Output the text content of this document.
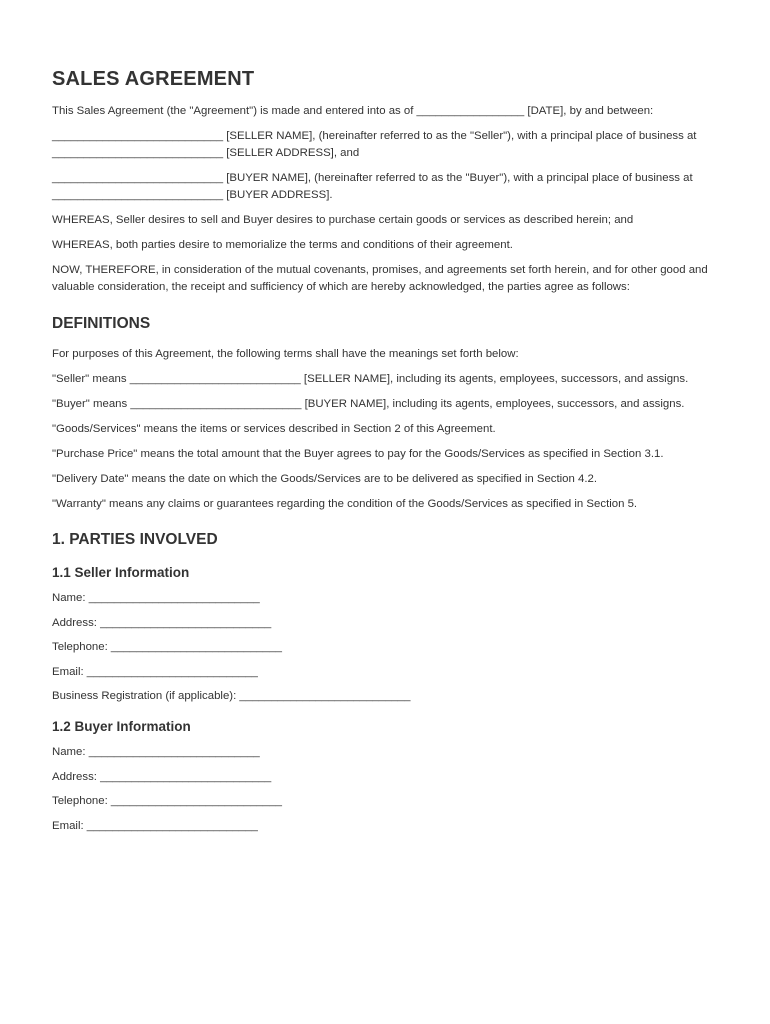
SALES AGREEMENT

This Sales Agreement (the "Agreement") is made and entered into as of _________________ [DATE], by and between:

___________________________ [SELLER NAME], (hereinafter referred to as the "Seller"), with a principal place of business at ___________________________ [SELLER ADDRESS], and

___________________________ [BUYER NAME], (hereinafter referred to as the "Buyer"), with a principal place of business at ___________________________ [BUYER ADDRESS].

WHEREAS, Seller desires to sell and Buyer desires to purchase certain goods or services as described herein; and

WHEREAS, both parties desire to memorialize the terms and conditions of their agreement.

NOW, THEREFORE, in consideration of the mutual covenants, promises, and agreements set forth herein, and for other good and valuable consideration, the receipt and sufficiency of which are hereby acknowledged, the parties agree as follows:

DEFINITIONS

For purposes of this Agreement, the following terms shall have the meanings set forth below:

"Seller" means ___________________________ [SELLER NAME], including its agents, employees, successors, and assigns.

"Buyer" means ___________________________ [BUYER NAME], including its agents, employees, successors, and assigns.

"Goods/Services" means the items or services described in Section 2 of this Agreement.

"Purchase Price" means the total amount that the Buyer agrees to pay for the Goods/Services as specified in Section 3.1.

"Delivery Date" means the date on which the Goods/Services are to be delivered as specified in Section 4.2.

"Warranty" means any claims or guarantees regarding the condition of the Goods/Services as specified in Section 5.

1. PARTIES INVOLVED
1.1 Seller Information

Name: ___________________________

Address: ___________________________

Telephone: ___________________________

Email: ___________________________

Business Registration (if applicable): ___________________________

1.2 Buyer Information

Name: ___________________________

Address: ___________________________

Telephone: ___________________________

Email: ___________________________
